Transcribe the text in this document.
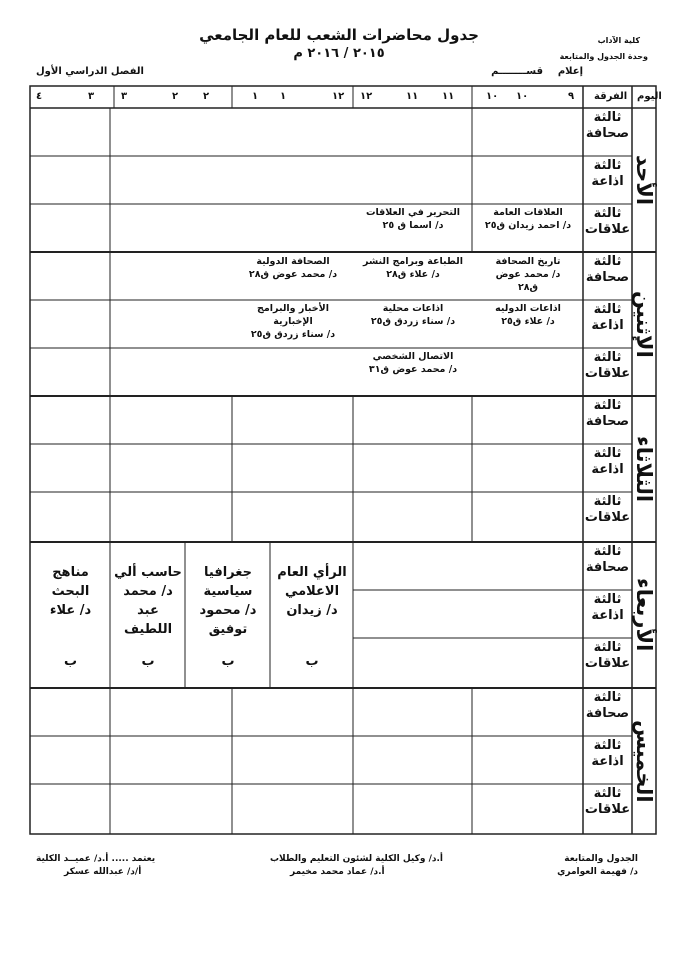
جدول محاضرات الشعب للعام الجامعي
٢٠١٥ / ٢٠١٦ م
كلية الآداب
وحدة الجدول والمتابعة
قســــــــم إعلام
الفصل الدراسي الأول
اليوم
الفرقة
٩
١٠
١٠
١١
١١
١٢
١٢
١
١
٢
٢
٣
٣
٤
الأحد
الإثنين
الثلاثاء
الأربعاء
الخميس
ثالثة صحافة
ثالثة اذاعة
ثالثة علاقات
ثالثة صحافة
ثالثة اذاعة
ثالثة علاقات
ثالثة صحافة
ثالثة اذاعة
ثالثة علاقات
ثالثة صحافة
ثالثة اذاعة
ثالثة علاقات
ثالثة صحافة
ثالثة اذاعة
ثالثة علاقات
العلاقات العامة
د/ احمد زيدان ق٢٥
التحرير في العلاقات
د/ اسما ق ٢٥
تاريخ الصحافة
د/ محمد عوض
ق٢٨
الطباعة وبرامج النشر
د/ علاء ق٢٨
الصحافة الدولية
د/ محمد عوض ق٢٨
اذاعات الدوليه
د/ علاء ق٢٥
اذاعات محلية
د/ سناء زردق ق٢٥
الأخبار والبرامج الإخبارية
د/ سناء زردق ق٢٥
الاتصال الشخصي
د/ محمد عوض ق٣١
الرأي العام الاعلامي
د/ زيدان
جغرافيا سياسية
د/ محمود توفيق
حاسب ألي
د/ محمد عبد اللطيف
مناهج البحث
د/ علاء
ب
ب
ب
ب
يعتمد ..... أ.د/ عميــد الكلية
أ/د/ عبدالله عسكر
أ.د/ وكيل الكلية لشئون التعليم والطلاب
أ.د/ عماد محمد مخيمر
الجدول والمتابعة
د/ فهيمة العوامري
